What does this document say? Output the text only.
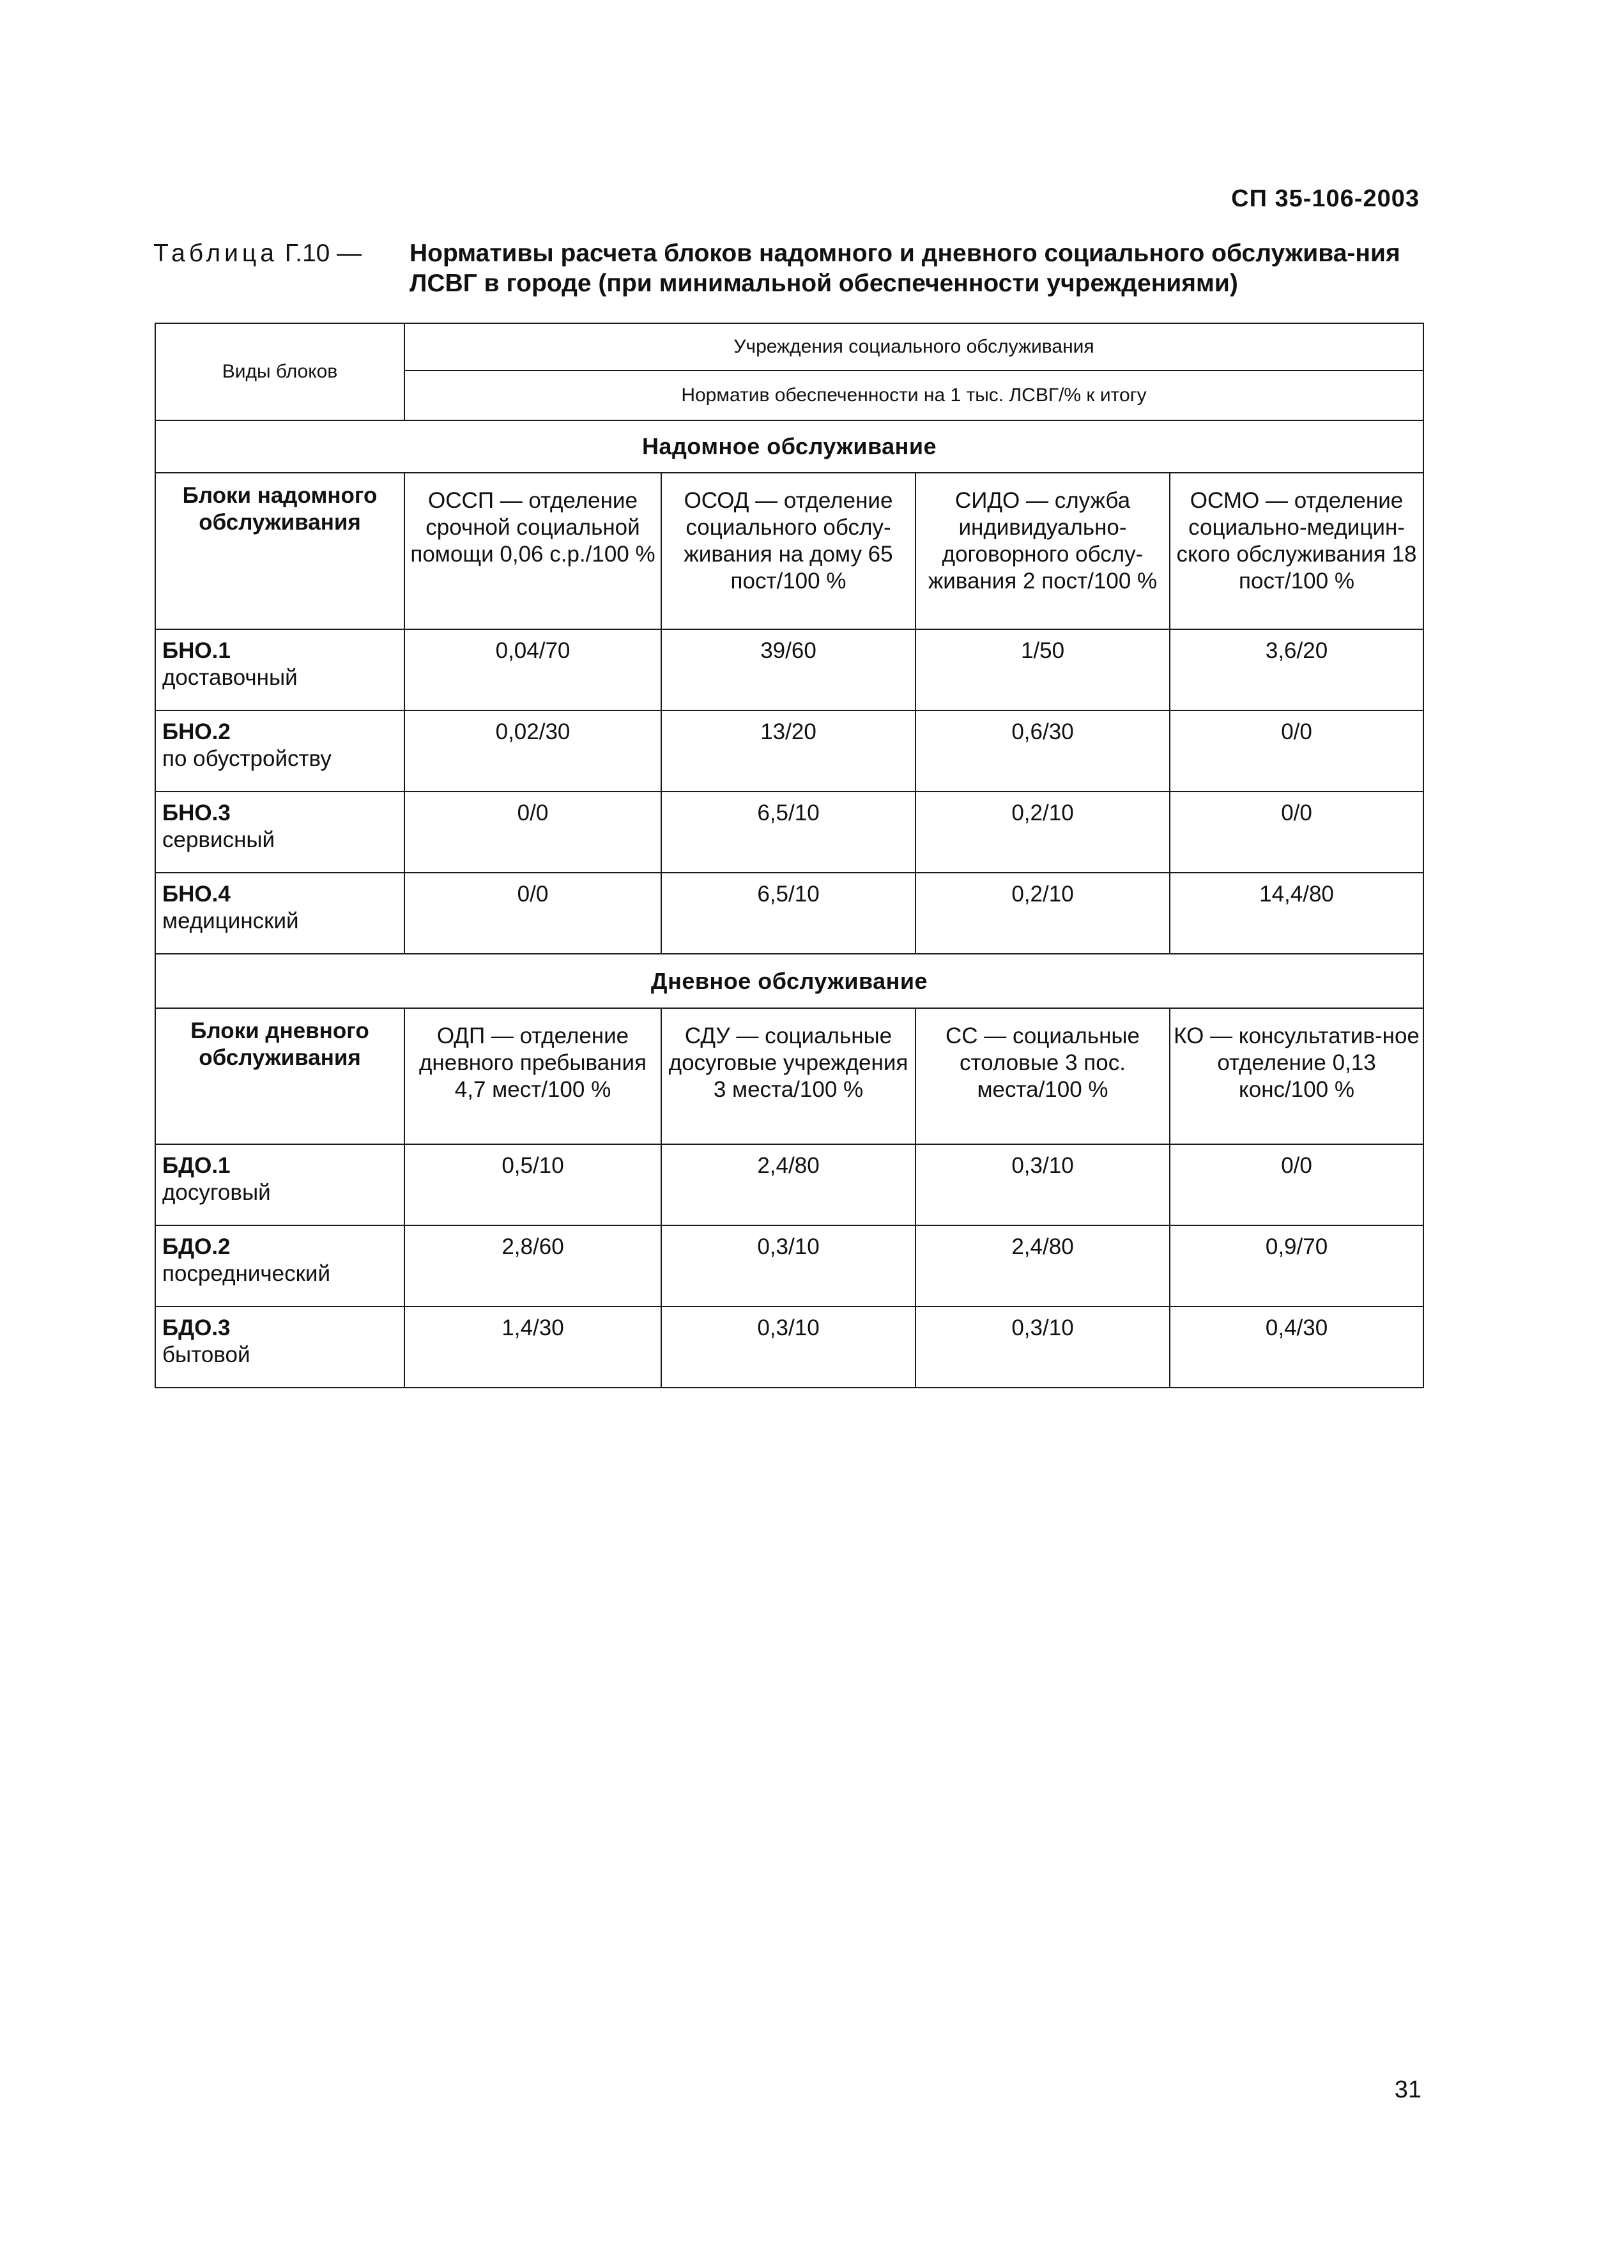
СП 35-106-2003
Таблица Г.10 —	Нормативы расчета блоков надомного и дневного социального обслужива-ния ЛСВГ в городе (при минимальной обеспеченности учреждениями)
Виды блоков	Учреждения социального обслуживания			
	Норматив обеспеченности на 1 тыс. ЛСВГ/% к итогу			
Надомное обслуживание				
Блоки надомного обслуживания	ОССП — отделение срочной социальной помощи 0,06 с.р./100 %	ОСОД — отделение социального обслу-живания на дому 65 пост/100 %	СИДО — служба индивидуально-договорного обслу-живания 2 пост/100 %	ОСМО — отделение социально-медицин-ского обслуживания 18 пост/100 %

БНО.1
доставочный	0,04/70	39/60	1/50	3,6/20

БНО.2
по обустройству	0,02/30	13/20	0,6/30	0/0

БНО.3
сервисный	0/0	6,5/10	0,2/10	0/0

БНО.4
медицинский	0/0	6,5/10	0,2/10	14,4/80
Дневное обслуживание				
Блоки дневного обслуживания	ОДП — отделение дневного пребывания 4,7 мест/100 %	СДУ — социальные досуговые учреждения 3 места/100 %	СС — социальные столовые 3 пос. места/100 %	КО — консультатив-ное отделение 0,13 конс/100 %

БДО.1
досуговый	0,5/10	2,4/80	0,3/10	0/0

БДО.2
посреднический	2,8/60	0,3/10	2,4/80	0,9/70

БДО.3
бытовой	1,4/30	0,3/10	0,3/10	0,4/30
31
